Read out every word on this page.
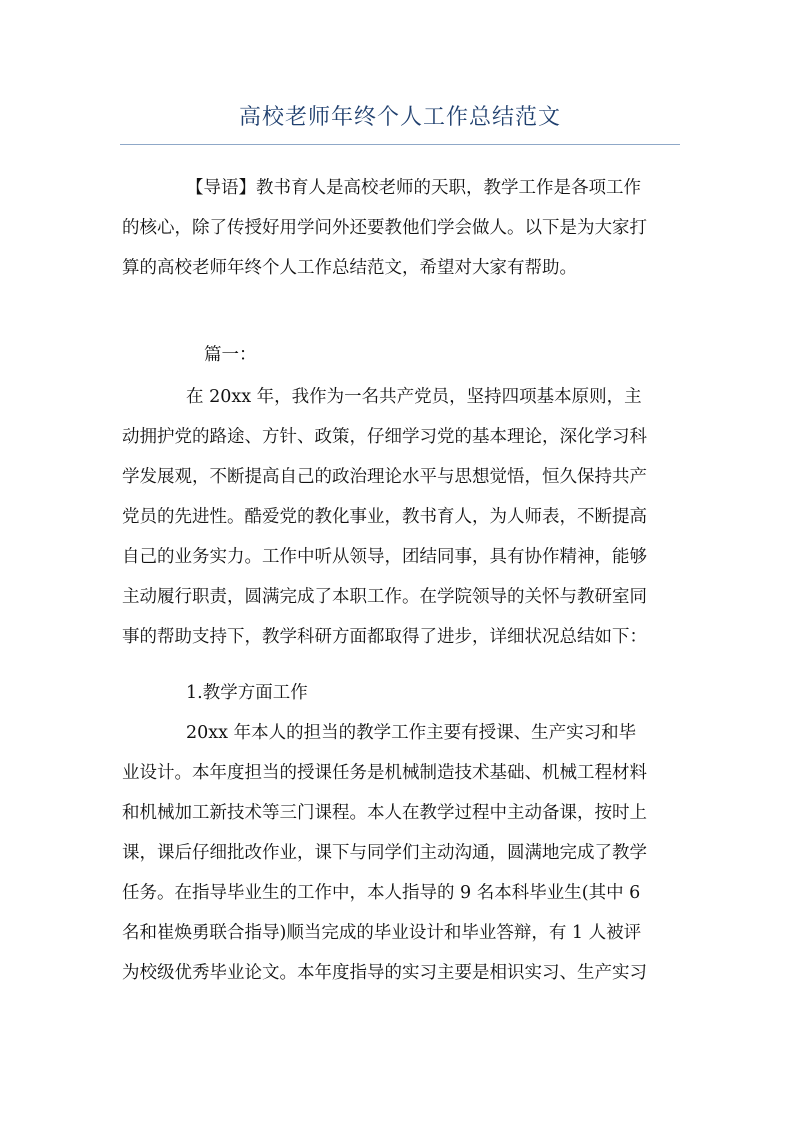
高校老师年终个人工作总结范文
【导语】教书育人是高校老师的天职，教学工作是各项工作
的核心，除了传授好用学问外还要教他们学会做人。以下是为大家打
算的高校老师年终个人工作总结范文，希望对大家有帮助。
篇一：
在 20xx 年，我作为一名共产党员，坚持四项基本原则，主
动拥护党的路途、方针、政策，仔细学习党的基本理论，深化学习科
学发展观，不断提高自己的政治理论水平与思想觉悟，恒久保持共产
党员的先进性。酷爱党的教化事业，教书育人，为人师表，不断提高
自己的业务实力。工作中听从领导，团结同事，具有协作精神，能够
主动履行职责，圆满完成了本职工作。在学院领导的关怀与教研室同
事的帮助支持下，教学科研方面都取得了进步，详细状况总结如下：
1.教学方面工作
20xx 年本人的担当的教学工作主要有授课、生产实习和毕
业设计。本年度担当的授课任务是机械制造技术基础、机械工程材料
和机械加工新技术等三门课程。本人在教学过程中主动备课，按时上
课，课后仔细批改作业，课下与同学们主动沟通，圆满地完成了教学
任务。在指导毕业生的工作中，本人指导的 9 名本科毕业生(其中 6
名和崔焕勇联合指导)顺当完成的毕业设计和毕业答辩，有 1 人被评
为校级优秀毕业论文。本年度指导的实习主要是相识实习、生产实习
